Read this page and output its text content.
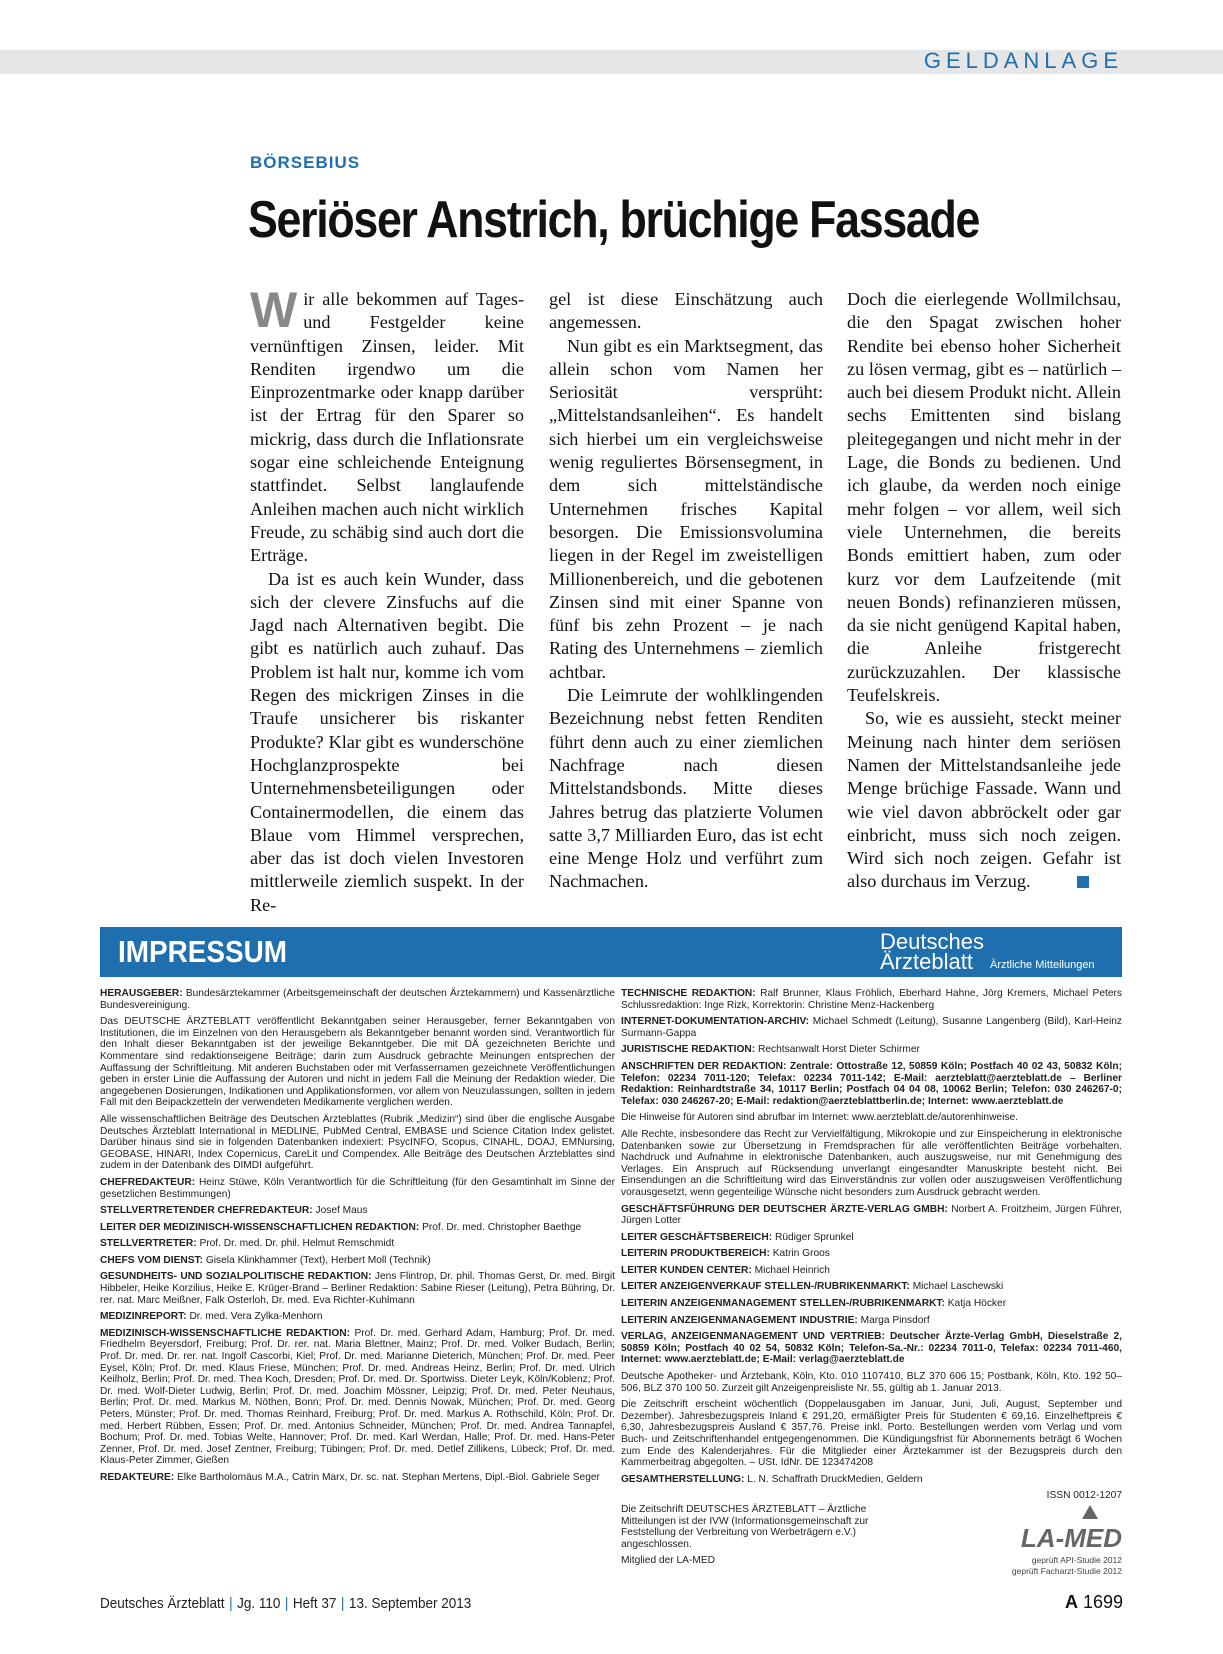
GELDANLAGE
BÖRSEBIUS
Seriöser Anstrich, brüchige Fassade

Wir alle bekommen auf Tages- und Festgelder keine vernünftigen Zinsen, leider. Mit Renditen irgendwo um die Einprozentmarke oder knapp darüber ist der Ertrag für den Sparer so mickrig, dass durch die Inflationsrate sogar eine schleichende Enteignung stattfindet. Selbst langlaufende Anleihen machen auch nicht wirklich Freude, zu schäbig sind auch dort die Erträge.

Da ist es auch kein Wunder, dass sich der clevere Zinsfuchs auf die Jagd nach Alternativen begibt. Die gibt es natürlich auch zuhauf. Das Problem ist halt nur, komme ich vom Regen des mickrigen Zinses in die Traufe unsicherer bis riskanter Produkte? Klar gibt es wunderschöne Hochglanzprospekte bei Unternehmensbeteiligungen oder Containermodellen, die einem das Blaue vom Himmel versprechen, aber das ist doch vielen Investoren mittlerweile ziemlich suspekt. In der Re-

gel ist diese Einschätzung auch angemessen.

Nun gibt es ein Marktsegment, das allein schon vom Namen her Seriosität versprüht: „Mittelstandsanleihen“. Es handelt sich hierbei um ein vergleichsweise wenig reguliertes Börsensegment, in dem sich mittelständische Unternehmen frisches Kapital besorgen. Die Emissionsvolumina liegen in der Regel im zweistelligen Millionenbereich, und die gebotenen Zinsen sind mit einer Spanne von fünf bis zehn Prozent – je nach Rating des Unternehmens – ziemlich achtbar.

Die Leimrute der wohlklingenden Bezeichnung nebst fetten Renditen führt denn auch zu einer ziemlichen Nachfrage nach diesen Mittelstandsbonds. Mitte dieses Jahres betrug das platzierte Volumen satte 3,7 Milliarden Euro, das ist echt eine Menge Holz und verführt zum Nachmachen.

Doch die eierlegende Wollmilchsau, die den Spagat zwischen hoher Rendite bei ebenso hoher Sicherheit zu lösen vermag, gibt es – natürlich – auch bei diesem Produkt nicht. Allein sechs Emittenten sind bislang pleitegegangen und nicht mehr in der Lage, die Bonds zu bedienen. Und ich glaube, da werden noch einige mehr folgen – vor allem, weil sich viele Unternehmen, die bereits Bonds emittiert haben, zum oder kurz vor dem Laufzeitende (mit neuen Bonds) refinanzieren müssen, da sie nicht genügend Kapital haben, die Anleihe fristgerecht zurückzuzahlen. Der klassische Teufelskreis.

So, wie es aussieht, steckt meiner Meinung nach hinter dem seriösen Namen der Mittelstandsanleihe jede Menge brüchige Fassade. Wann und wie viel davon abbröckelt oder gar einbricht, muss sich noch zeigen. Wird sich noch zeigen. Gefahr ist also durchaus im Verzug.

IMPRESSUM	Deutsches
Ärzteblatt Ärztliche Mitteilungen

HERAUSGEBER: Bundesärztekammer (Arbeitsgemeinschaft der deutschen Ärztekammern) und Kassenärztliche Bundesvereinigung.

Das DEUTSCHE ÄRZTEBLATT veröffentlicht Bekanntgaben seiner Herausgeber, ferner Bekanntgaben von Institutionen, die im Einzelnen von den Herausgebern als Bekanntgeber benannt worden sind. Verantwortlich für den Inhalt dieser Bekanntgaben ist der jeweilige Bekanntgeber. Die mit DÄ gezeichneten Berichte und Kommentare sind redaktionseigene Beiträge; darin zum Ausdruck gebrachte Meinungen entsprechen der Auffassung der Schriftleitung. Mit anderen Buchstaben oder mit Verfassernamen gezeichnete Veröffentlichungen geben in erster Linie die Auffassung der Autoren und nicht in jedem Fall die Meinung der Redaktion wieder. Die angegebenen Dosierungen, Indikationen und Applikationsformen, vor allem von Neuzulassungen, sollten in jedem Fall mit den Beipackzetteln der verwendeten Medikamente verglichen werden.

Alle wissenschaftlichen Beiträge des Deutschen Ärzteblattes (Rubrik „Medizin“) sind über die englische Ausgabe Deutsches Ärzteblatt International in MEDLINE, PubMed Central, EMBASE und Science Citation Index gelistet. Darüber hinaus sind sie in folgenden Datenbanken indexiert: PsycINFO, Scopus, CINAHL, DOAJ, EMNursing, GEOBASE, HINARI, Index Copernicus, CareLit und Compendex. Alle Beiträge des Deutschen Ärzteblattes sind zudem in der Datenbank des DIMDI aufgeführt.

CHEFREDAKTEUR: Heinz Stüwe, Köln Verantwortlich für die Schriftleitung (für den Gesamtinhalt im Sinne der gesetzlichen Bestimmungen)

STELLVERTRETENDER CHEFREDAKTEUR: Josef Maus

LEITER DER MEDIZINISCH-WISSENSCHAFTLICHEN REDAKTION: Prof. Dr. med. Christopher Baethge

STELLVERTRETER: Prof. Dr. med. Dr. phil. Helmut Remschmidt

CHEFS VOM DIENST: Gisela Klinkhammer (Text), Herbert Moll (Technik)

GESUNDHEITS- UND SOZIALPOLITISCHE REDAKTION: Jens Flintrop, Dr. phil. Thomas Gerst, Dr. med. Birgit Hibbeler, Heike Korzilius, Heike E. Krüger-Brand – Berliner Redaktion: Sabine Rieser (Leitung), Petra Bühring, Dr. rer. nat. Marc Meißner, Falk Osterloh, Dr. med. Eva Richter-Kuhlmann

MEDIZINREPORT: Dr. med. Vera Zylka-Menhorn

MEDIZINISCH-WISSENSCHAFTLICHE REDAKTION: Prof. Dr. med. Gerhard Adam, Hamburg; Prof. Dr. med. Friedhelm Beyersdorf, Freiburg; Prof. Dr. rer. nat. Maria Blettner, Mainz; Prof. Dr. med. Volker Budach, Berlin; Prof. Dr. med. Dr. rer. nat. Ingolf Cascorbi, Kiel; Prof. Dr. med. Marianne Dieterich, München; Prof. Dr. med. Peer Eysel, Köln; Prof. Dr. med. Klaus Friese, München; Prof. Dr. med. Andreas Heinz, Berlin; Prof. Dr. med. Ulrich Keilholz, Berlin; Prof. Dr. med. Thea Koch, Dresden; Prof. Dr. med. Dr. Sportwiss. Dieter Leyk, Köln/Koblenz; Prof. Dr. med. Wolf-Dieter Ludwig, Berlin; Prof. Dr. med. Joachim Mössner, Leipzig; Prof. Dr. med. Peter Neuhaus, Berlin; Prof. Dr. med. Markus M. Nöthen, Bonn; Prof. Dr. med. Dennis Nowak, München; Prof. Dr. med. Georg Peters, Münster; Prof. Dr. med. Thomas Reinhard, Freiburg; Prof. Dr. med. Markus A. Rothschild, Köln; Prof. Dr. med. Herbert Rübben, Essen; Prof. Dr. med. Antonius Schneider, München; Prof. Dr. med. Andrea Tannapfel, Bochum; Prof. Dr. med. Tobias Welte, Hannover; Prof. Dr. med. Karl Werdan, Halle; Prof. Dr. med. Hans-Peter Zenner, Prof. Dr. med. Josef Zentner, Freiburg; Tübingen; Prof. Dr. med. Detlef Zillikens, Lübeck; Prof. Dr. med. Klaus-Peter Zimmer, Gießen

REDAKTEURE: Elke Bartholomäus M.A., Catrin Marx, Dr. sc. nat. Stephan Mertens, Dipl.-Biol. Gabriele Seger

TECHNISCHE REDAKTION: Ralf Brunner, Klaus Fröhlich, Eberhard Hahne, Jörg Kremers, Michael Peters Schlussredaktion: Inge Rizk, Korrektorin: Christine Menz-Hackenberg

INTERNET-DOKUMENTATION-ARCHIV: Michael Schmedt (Leitung), Susanne Langenberg (Bild), Karl-Heinz Surmann-Gappa

JURISTISCHE REDAKTION: Rechtsanwalt Horst Dieter Schirmer

ANSCHRIFTEN DER REDAKTION: Zentrale: Ottostraße 12, 50859 Köln; Postfach 40 02 43, 50832 Köln; Telefon: 02234 7011-120; Telefax: 02234 7011-142; E-Mail: aerzteblatt@aerzteblatt.de – Berliner Redaktion: Reinhardtstraße 34, 10117 Berlin; Postfach 04 04 08, 10062 Berlin; Telefon: 030 246267-0; Telefax: 030 246267-20; E-Mail: redaktion@aerzteblattberlin.de; Internet: www.aerzteblatt.de

Die Hinweise für Autoren sind abrufbar im Internet: www.aerzteblatt.de/autorenhinweise.

Alle Rechte, insbesondere das Recht zur Vervielfältigung, Mikrokopie und zur Einspeicherung in elektronische Datenbanken sowie zur Übersetzung in Fremdsprachen für alle veröffentlichten Beiträge vorbehalten. Nachdruck und Aufnahme in elektronische Datenbanken, auch auszugsweise, nur mit Genehmigung des Verlages. Ein Anspruch auf Rücksendung unverlangt eingesandter Manuskripte besteht nicht. Bei Einsendungen an die Schriftleitung wird das Einverständnis zur vollen oder auszugsweisen Veröffentlichung vorausgesetzt, wenn gegenteilige Wünsche nicht besonders zum Ausdruck gebracht werden.

GESCHÄFTSFÜHRUNG DER DEUTSCHER ÄRZTE-VERLAG GMBH: Norbert A. Froitzheim, Jürgen Führer, Jürgen Lotter

LEITER GESCHÄFTSBEREICH: Rüdiger Sprunkel

LEITERIN PRODUKTBEREICH: Katrin Groos

LEITER KUNDEN CENTER: Michael Heinrich

LEITER ANZEIGENVERKAUF STELLEN-/RUBRIKENMARKT: Michael Laschewski

LEITERIN ANZEIGENMANAGEMENT STELLEN-/RUBRIKENMARKT: Katja Höcker

LEITERIN ANZEIGENMANAGEMENT INDUSTRIE: Marga Pinsdorf

VERLAG, ANZEIGENMANAGEMENT UND VERTRIEB: Deutscher Ärzte-Verlag GmbH, Dieselstraße 2, 50859 Köln; Postfach 40 02 54, 50832 Köln; Telefon-Sa.-Nr.: 02234 7011-0, Telefax: 02234 7011-460, Internet: www.aerzteblatt.de; E-Mail: verlag@aerzteblatt.de

Deutsche Apotheker- und Ärztebank, Köln, Kto. 010 1107410, BLZ 370 606 15; Postbank, Köln, Kto. 192 50–506, BLZ 370 100 50. Zurzeit gilt Anzeigenpreisliste Nr. 55, gültig ab 1. Januar 2013.

Die Zeitschrift erscheint wöchentlich (Doppelausgaben im Januar, Juni, Juli, August, September und Dezember). Jahresbezugspreis Inland € 291,20, ermäßigter Preis für Studenten € 69,16. Einzelheftpreis € 6,30, Jahresbezugspreis Ausland € 357,76. Preise inkl. Porto. Bestellungen werden vom Verlag und vom Buch- und Zeitschriftenhandel entgegengenommen. Die Kündigungsfrist für Abonnements beträgt 6 Wochen zum Ende des Kalenderjahres. Für die Mitglieder einer Ärztekammer ist der Bezugspreis durch den Kammerbeitrag abgegolten. – USt. IdNr. DE 123474208

GESAMTHERSTELLUNG: L. N. Schaffrath DruckMedien, Geldern

ISSN 0012-1207

Die Zeitschrift DEUTSCHES ÄRZTEBLATT – Ärztliche Mitteilungen ist der IVW (Informationsgemeinschaft zur Feststellung der Verbreitung von Werbeträgern e.V.) angeschlossen.

Mitglied der LA-MED

LA-MED
geprüft API-Studie 2012
geprüft Facharzt-Studie 2012
Deutsches Ärzteblatt | Jg. 110 | Heft 37 | 13. September 2013	A 1699
